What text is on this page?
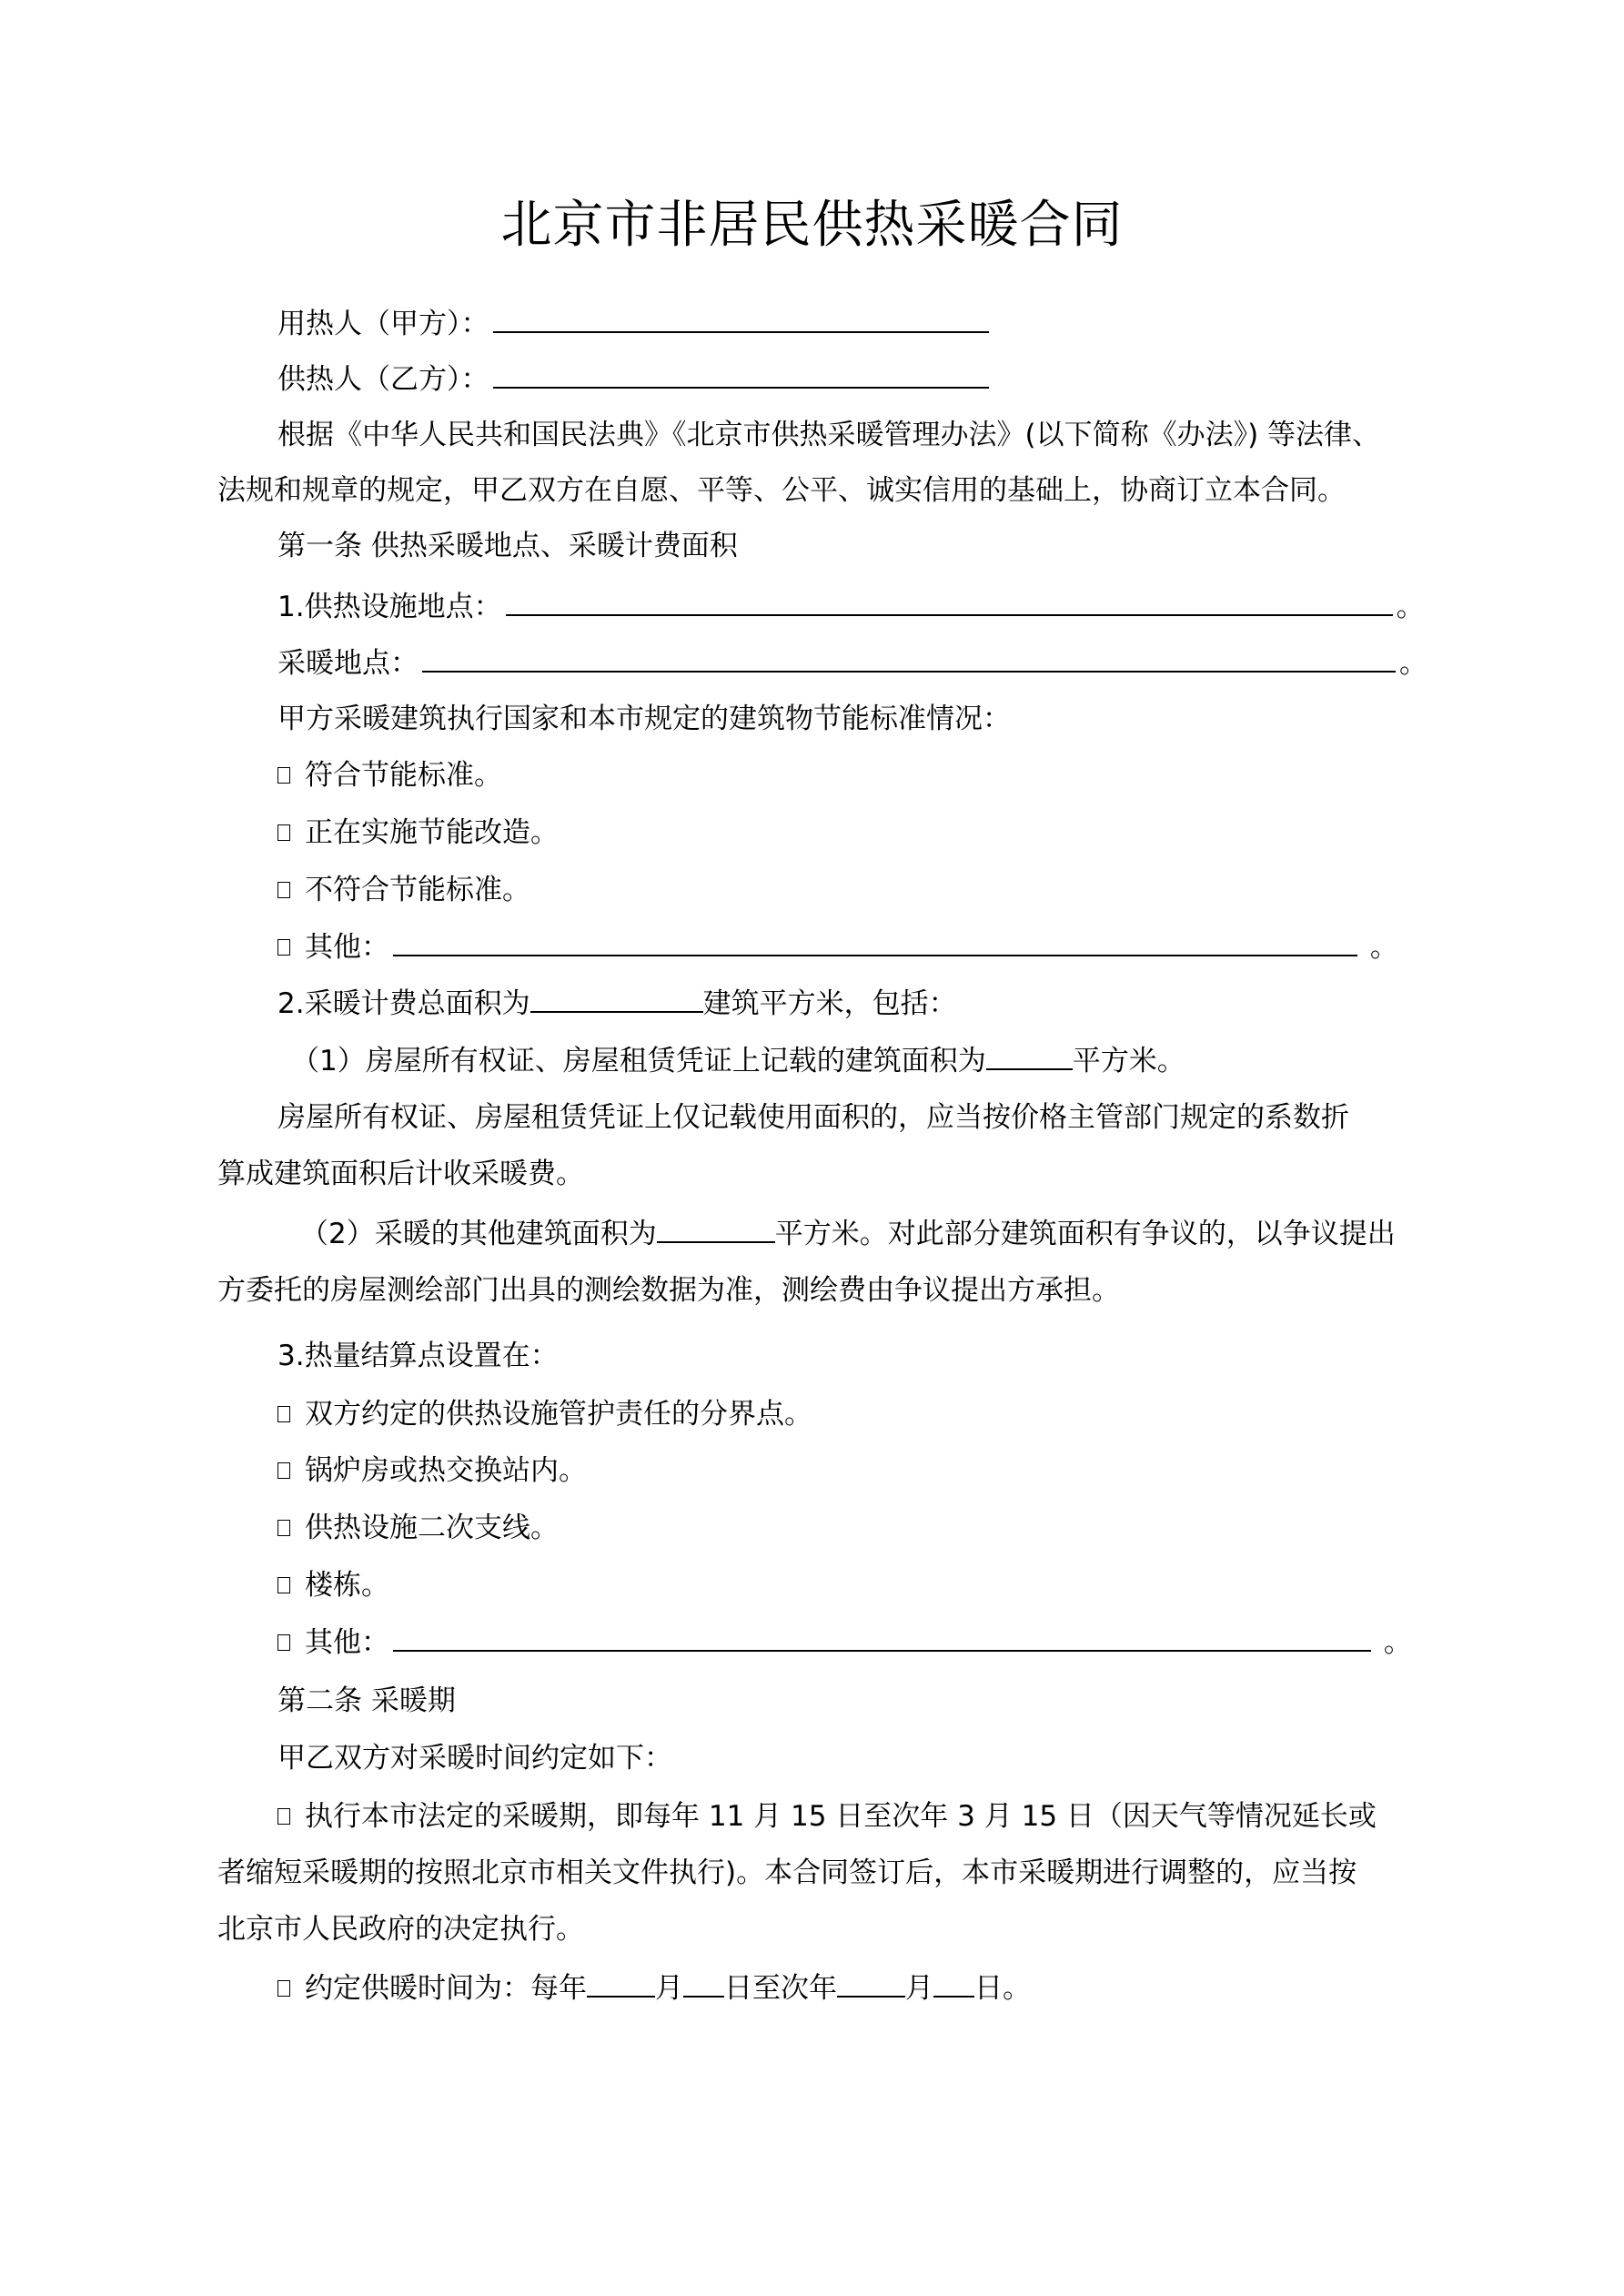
北京市非居民供热采暖合同
用热人（甲方）：
供热人（乙方）：
根据《中华人民共和国民法典》《北京市供热采暖管理办法》(以下简称《办法》) 等法律、
法规和规章的规定，甲乙双方在自愿、平等、公平、诚实信用的基础上，协商订立本合同。
第一条 供热采暖地点、采暖计费面积
1.供热设施地点：	。
采暖地点：	。
甲方采暖建筑执行国家和本市规定的建筑物节能标准情况：
符合节能标准。
正在实施节能改造。
不符合节能标准。
其他：	。
2.采暖计费总面积为	建筑平方米，包括：
（1）房屋所有权证、房屋租赁凭证上记载的建筑面积为	平方米。
房屋所有权证、房屋租赁凭证上仅记载使用面积的，应当按价格主管部门规定的系数折
算成建筑面积后计收采暖费。
（2）采暖的其他建筑面积为	平方米。对此部分建筑面积有争议的，以争议提出
方委托的房屋测绘部门出具的测绘数据为准，测绘费由争议提出方承担。
3.热量结算点设置在：
双方约定的供热设施管护责任的分界点。
锅炉房或热交换站内。
供热设施二次支线。
楼栋。
其他：	。
第二条 采暖期
甲乙双方对采暖时间约定如下：
执行本市法定的采暖期，即每年 11 月 15 日至次年 3 月 15 日（因天气等情况延长或
者缩短采暖期的按照北京市相关文件执行)。本合同签订后，本市采暖期进行调整的，应当按
北京市人民政府的决定执行。
约定供暖时间为：每年 月 日至次年 月 日。
